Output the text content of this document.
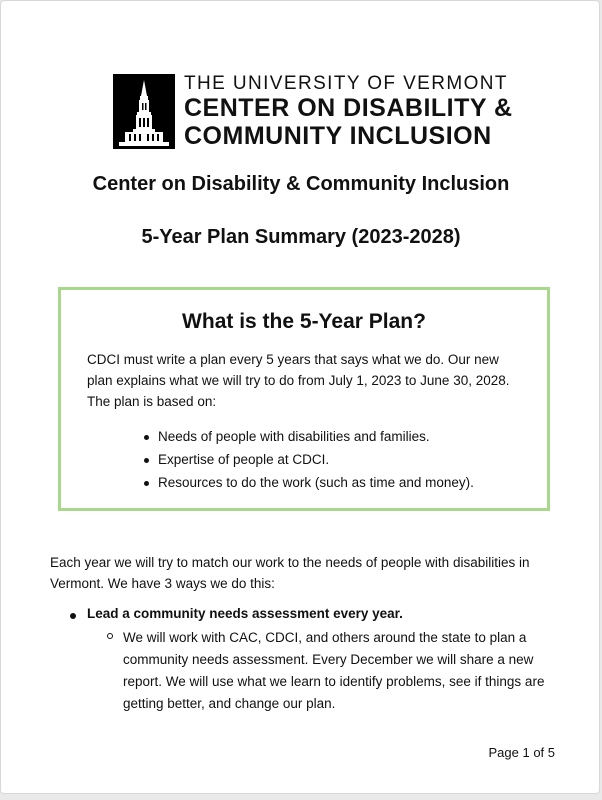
THE UNIVERSITY OF VERMONT
CENTER ON DISABILITY &
COMMUNITY INCLUSION
Center on Disability & Community Inclusion
5-Year Plan Summary (2023-2028)
What is the 5-Year Plan?
CDCI must write a plan every 5 years that says what we do. Our new plan explains what we will try to do from July 1, 2023 to June 30, 2028. The plan is based on:
Needs of people with disabilities and families.
Expertise of people at CDCI.
Resources to do the work (such as time and money).
Each year we will try to match our work to the needs of people with disabilities in Vermont. We have 3 ways we do this:
Lead a community needs assessment every year.
We will work with CAC, CDCI, and others around the state to plan a community needs assessment. Every December we will share a new report. We will use what we learn to identify problems, see if things are getting better, and change our plan.
Page 1 of 5
